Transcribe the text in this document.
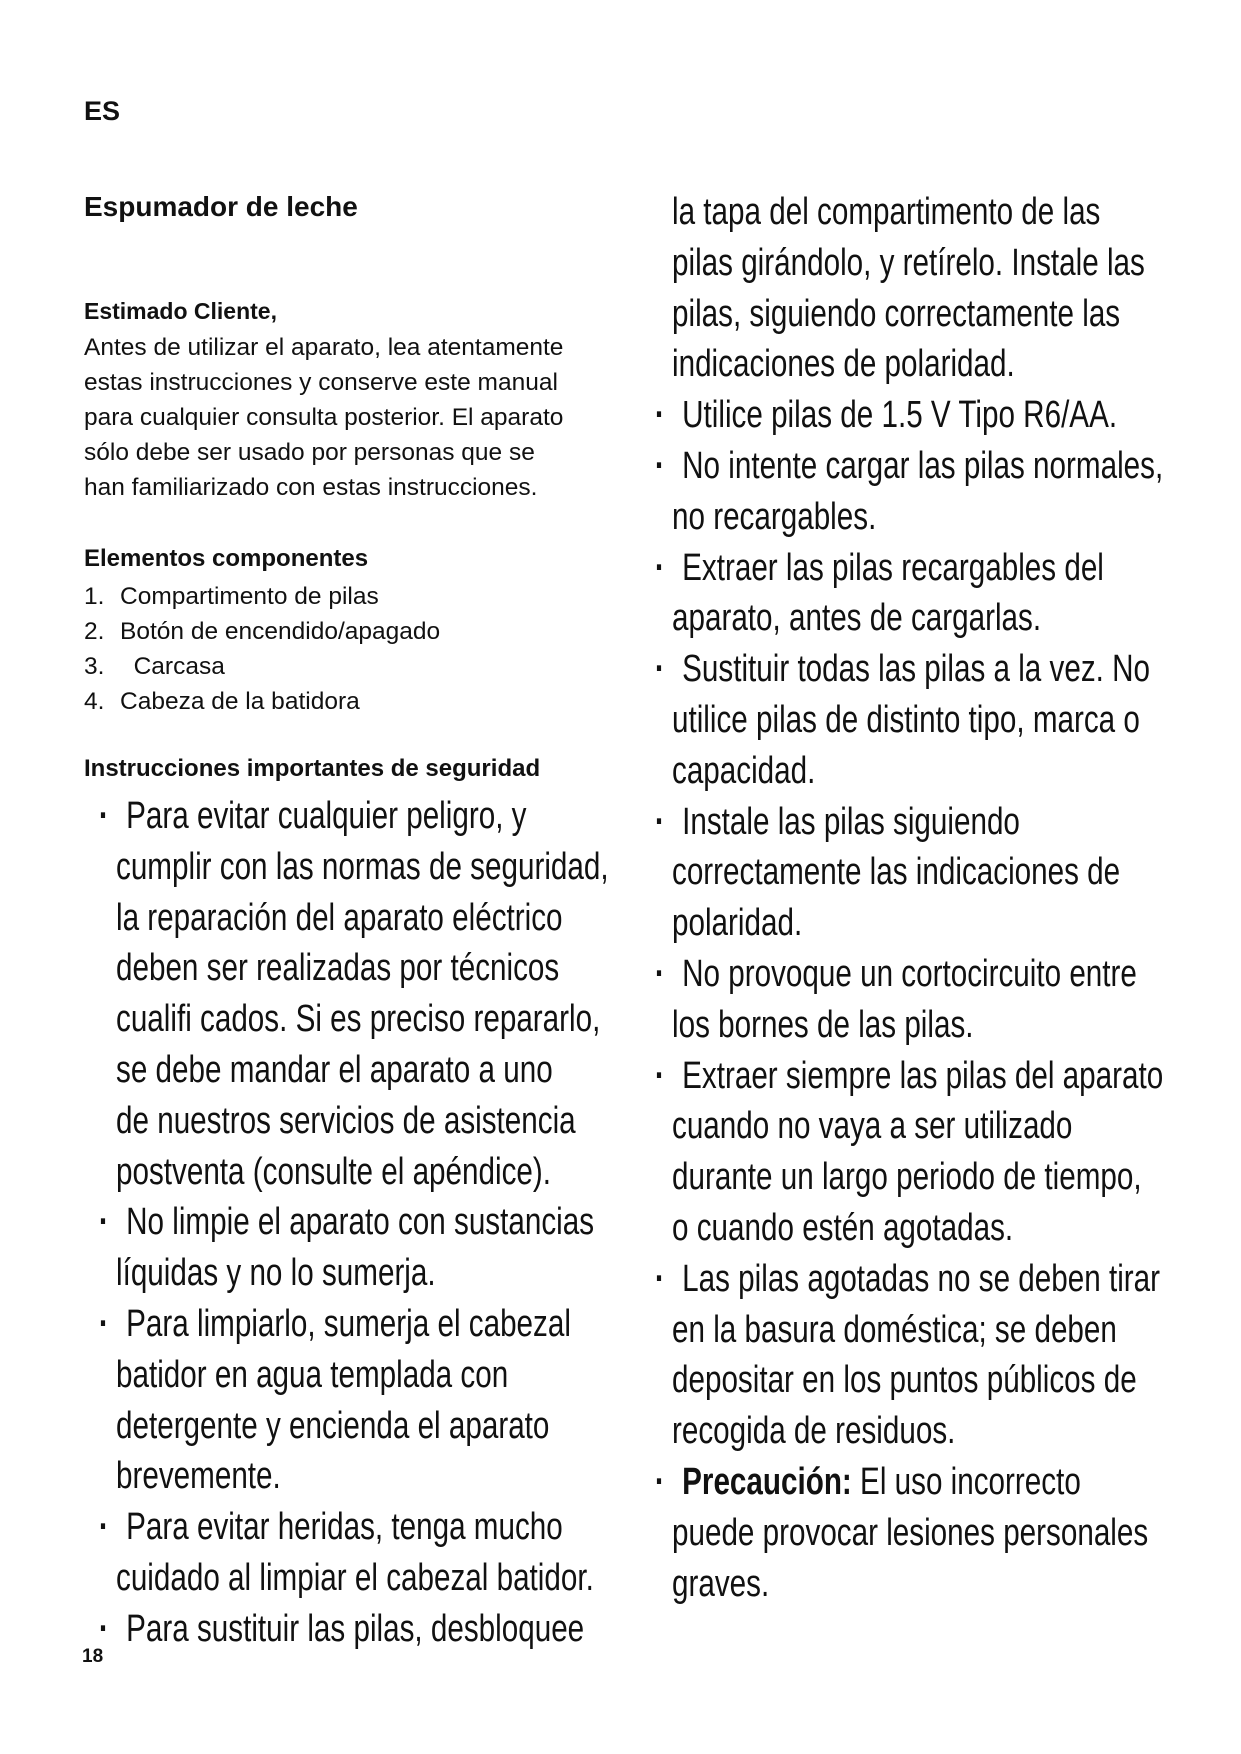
ES
Espumador de leche
Estimado Cliente,
Antes de utilizar el aparato, lea atentamente
estas instrucciones y conserve este manual
para cualquier consulta posterior. El aparato
sólo debe ser usado por personas que se
han familiarizado con estas instrucciones.
Elementos componentes
1. Compartimento de pilas
2. Botón de encendido/apagado
3.  Carcasa
4. Cabeza de la batidora
Instrucciones importantes de seguridad
· Para evitar cualquier peligro, y
cumplir con las normas de seguridad,
la reparación del aparato eléctrico
deben ser realizadas por técnicos
cualifi cados. Si es preciso repararlo,
se debe mandar el aparato a uno
de nuestros servicios de asistencia
postventa (consulte el apéndice).
· No limpie el aparato con sustancias
líquidas y no lo sumerja.
· Para limpiarlo, sumerja el cabezal
batidor en agua templada con
detergente y encienda el aparato
brevemente.
· Para evitar heridas, tenga mucho
cuidado al limpiar el cabezal batidor.
· Para sustituir las pilas, desbloquee
la tapa del compartimento de las
pilas girándolo, y retírelo. Instale las
pilas, siguiendo correctamente las
indicaciones de polaridad.
· Utilice pilas de 1.5 V Tipo R6/AA.
· No intente cargar las pilas normales,
no recargables.
· Extraer las pilas recargables del
aparato, antes de cargarlas.
· Sustituir todas las pilas a la vez. No
utilice pilas de distinto tipo, marca o
capacidad.
· Instale las pilas siguiendo
correctamente las indicaciones de
polaridad.
· No provoque un cortocircuito entre
los bornes de las pilas.
· Extraer siempre las pilas del aparato
cuando no vaya a ser utilizado
durante un largo periodo de tiempo,
o cuando estén agotadas.
· Las pilas agotadas no se deben tirar
en la basura doméstica; se deben
depositar en los puntos públicos de
recogida de residuos.
· Precaución: El uso incorrecto
puede provocar lesiones personales
graves.
18
